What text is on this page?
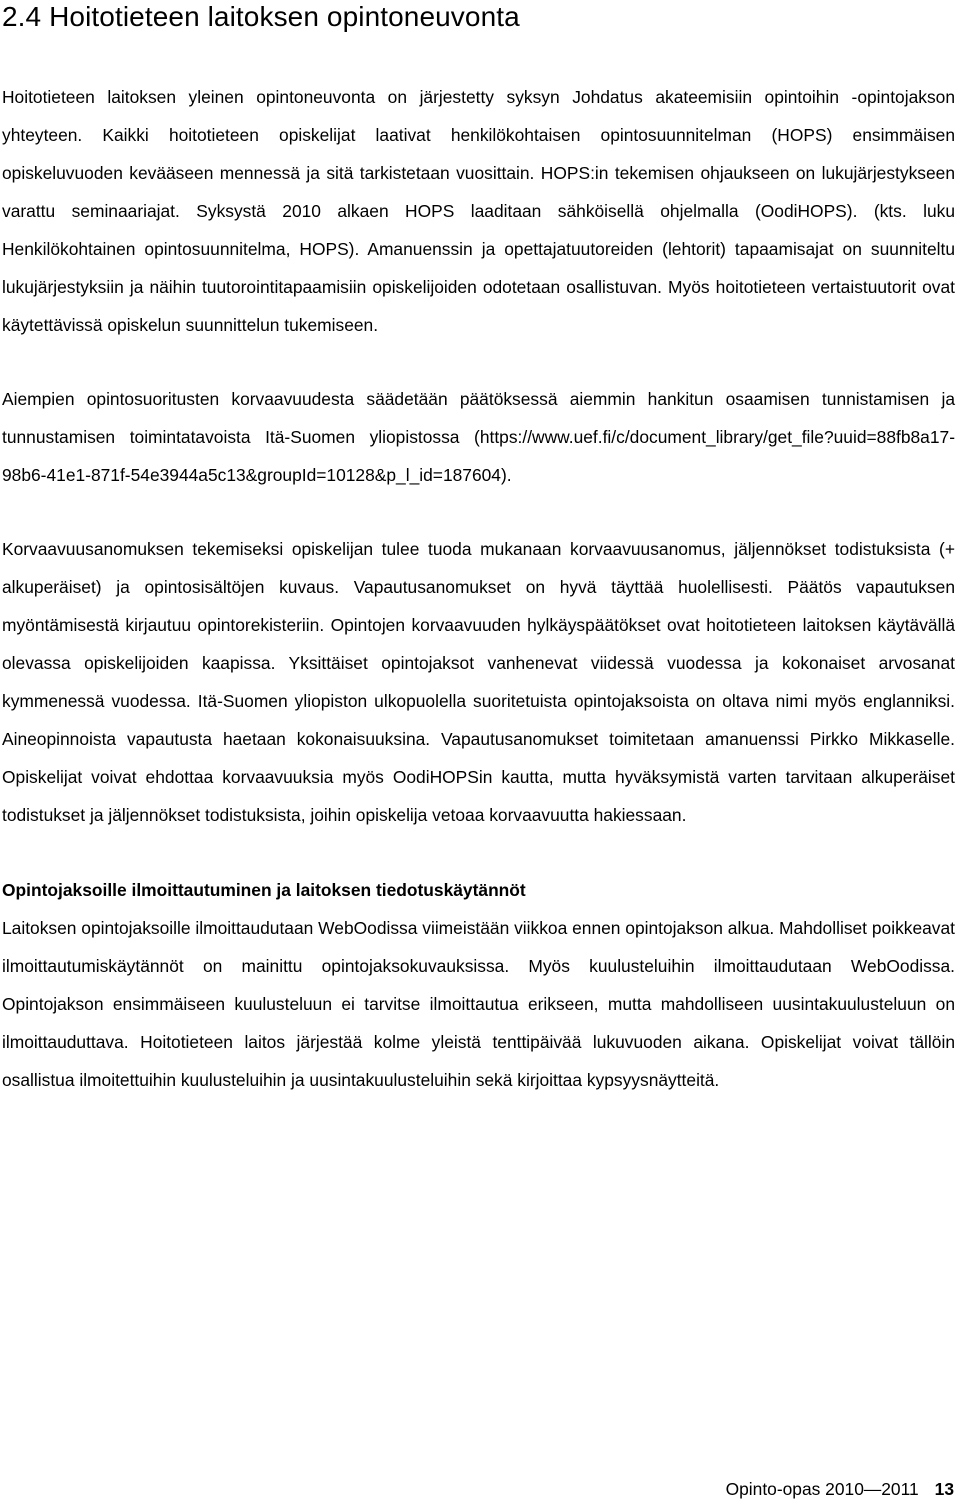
2.4 Hoitotieteen laitoksen opintoneuvonta

Hoitotieteen laitoksen yleinen opintoneuvonta on järjestetty syksyn Johdatus akateemisiin opintoihin -opintojakson yhteyteen. Kaikki hoitotieteen opiskelijat laativat henkilökohtaisen opintosuunnitelman (HOPS) ensimmäisen opiskeluvuoden kevääseen mennessä ja sitä tarkistetaan vuosittain. HOPS:in tekemisen ohjaukseen on lukujärjestykseen varattu seminaariajat. Syksystä 2010 alkaen HOPS laaditaan sähköisellä ohjelmalla (OodiHOPS). (kts. luku Henkilökohtainen opintosuunnitelma, HOPS). Amanuenssin ja opettajatuutoreiden (lehtorit) tapaamisajat on suunniteltu lukujärjestyksiin ja näihin tuutorointitapaamisiin opiskelijoiden odotetaan osallistuvan. Myös hoitotieteen vertaistuutorit ovat käytettävissä opiskelun suunnittelun tukemiseen.

Aiempien opintosuoritusten korvaavuudesta säädetään päätöksessä aiemmin hankitun osaamisen tunnistamisen ja tunnustamisen toimintatavoista Itä-Suomen yliopistossa (https://www.uef.fi/c/document_library/get_file?uuid=88fb8a17-98b6-41e1-871f-54e3944a5c13&groupId=10128&p_l_id=187604).

Korvaavuusanomuksen tekemiseksi opiskelijan tulee tuoda mukanaan korvaavuusanomus, jäljennökset todistuksista (+ alkuperäiset) ja opintosisältöjen kuvaus. Vapautusanomukset on hyvä täyttää huolellisesti. Päätös vapautuksen myöntämisestä kirjautuu opintorekisteriin. Opintojen korvaavuuden hylkäyspäätökset ovat hoitotieteen laitoksen käytävällä olevassa opiskelijoiden kaapissa. Yksittäiset opintojaksot vanhenevat viidessä vuodessa ja kokonaiset arvosanat kymmenessä vuodessa. Itä-Suomen yliopiston ulkopuolella suoritetuista opintojaksoista on oltava nimi myös englanniksi. Aineopinnoista vapautusta haetaan kokonaisuuksina. Vapautusanomukset toimitetaan amanuenssi Pirkko Mikkaselle. Opiskelijat voivat ehdottaa korvaavuuksia myös OodiHOPSin kautta, mutta hyväksymistä varten tarvitaan alkuperäiset todistukset ja jäljennökset todistuksista, joihin opiskelija vetoaa korvaavuutta hakiessaan.

Opintojaksoille ilmoittautuminen ja laitoksen tiedotuskäytännöt

Laitoksen opintojaksoille ilmoittaudutaan WebOodissa viimeistään viikkoa ennen opintojakson alkua. Mahdolliset poikkeavat ilmoittautumiskäytännöt on mainittu opintojaksokuvauksissa. Myös kuulusteluihin ilmoittaudutaan WebOodissa. Opintojakson ensimmäiseen kuulusteluun ei tarvitse ilmoittautua erikseen, mutta mahdolliseen uusintakuulusteluun on ilmoittauduttava. Hoitotieteen laitos järjestää kolme yleistä tenttipäivää lukuvuoden aikana. Opiskelijat voivat tällöin osallistua ilmoitettuihin kuulusteluihin ja uusintakuulusteluihin sekä kirjoittaa kypsyysnäytteitä.

Opinto-opas 2010—2011 13
